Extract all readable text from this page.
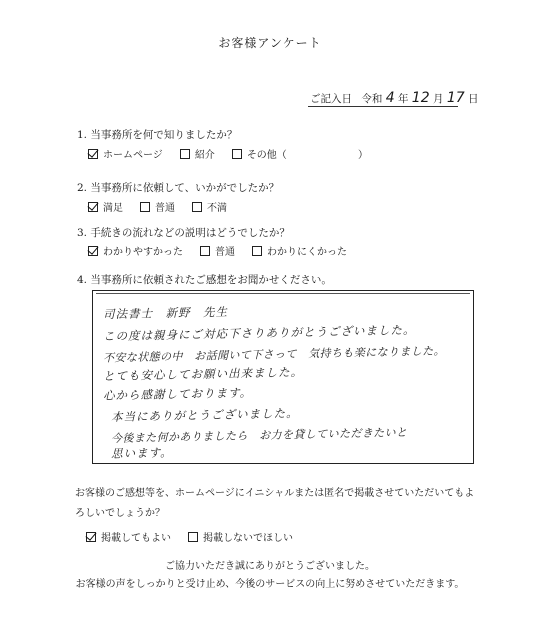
お客様アンケート
ご記入日 令和 4 年 12 月 17 日
1. 当事務所を何で知りましたか？
ホームページ	紹介	その他（	）
2. 当事務所に依頼して、いかがでしたか？
満足	普通	不満
3. 手続きの流れなどの説明はどうでしたか？
わかりやすかった	普通	わかりにくかった
4. 当事務所に依頼されたご感想をお聞かせください。
司法書士　新野　先生
この度は親身にご対応下さりありがとうございました。
不安な状態の中　お話聞いて下さって　気持ちも楽になりました。
とても安心してお願い出来ました。
心から感謝しております。
本当にありがとうございました。
今後また何かありましたら　お力を貸していただきたいと
思います。
お客様のご感想等を、ホームページにイニシャルまたは匿名で掲載させていただいてもよ
ろしいでしょうか？
掲載してもよい	掲載しないでほしい
ご協力いただき誠にありがとうございました。
お客様の声をしっかりと受け止め、今後のサービスの向上に努めさせていただきます。
